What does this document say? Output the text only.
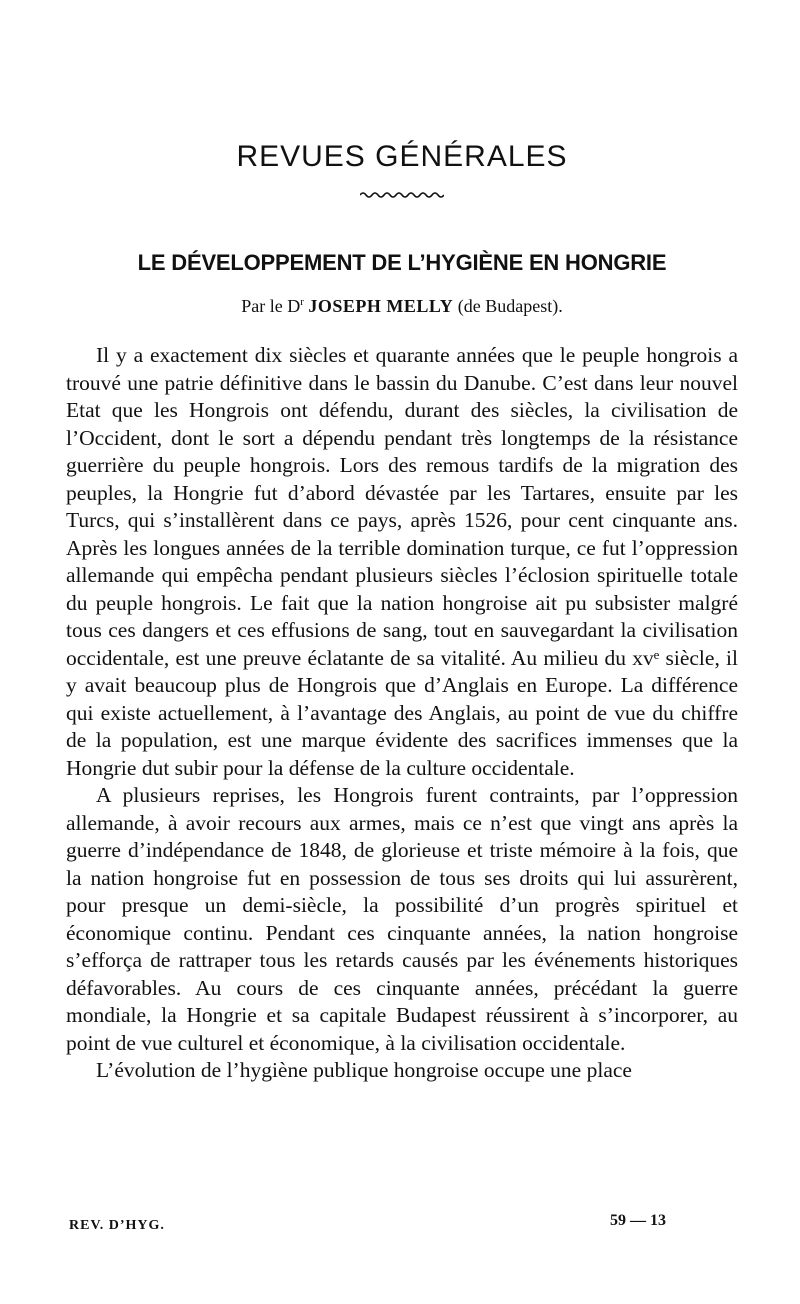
REVUES GÉNÉRALES
LE DÉVELOPPEMENT DE L’HYGIÈNE EN HONGRIE

Par le $D^r$ JOSEPH MELLY (de Budapest).

Il y a exactement dix siècles et quarante années que le peuple hongrois a trouvé une patrie définitive dans le bassin du Danube. C’est dans leur nouvel Etat que les Hongrois ont défendu, durant des siècles, la civilisation de l’Occident, dont le sort a dépendu pendant très longtemps de la résistance guerrière du peuple hongrois. Lors des remous tardifs de la migration des peuples, la Hongrie fut d’abord dévastée par les Tartares, ensuite par les Turcs, qui s’installèrent dans ce pays, après 1526, pour cent cinquante ans. Après les longues années de la terrible domination turque, ce fut l’oppression allemande qui empêcha pendant plusieurs siècles l’éclosion spirituelle totale du peuple hongrois. Le fait que la nation hongroise ait pu subsister malgré tous ces dangers et ces effusions de sang, tout en sauvegardant la civilisation occidentale, est une preuve éclatante de sa vitalité. Au milieu du xvᵉ siècle, il y avait beaucoup plus de Hongrois que d’Anglais en Europe. La différence qui existe actuellement, à l’avantage des Anglais, au point de vue du chiffre de la population, est une marque évidente des sacrifices immenses que la Hongrie dut subir pour la défense de la culture occidentale.

A plusieurs reprises, les Hongrois furent contraints, par l’oppression allemande, à avoir recours aux armes, mais ce n’est que vingt ans après la guerre d’indépendance de 1848, de glorieuse et triste mémoire à la fois, que la nation hongroise fut en possession de tous ses droits qui lui assurèrent, pour presque un demi-siècle, la possibilité d’un progrès spirituel et économique continu. Pendant ces cinquante années, la nation hongroise s’efforça de rattraper tous les retards causés par les événements historiques défavorables. Au cours de ces cinquante années, précédant la guerre mondiale, la Hongrie et sa capitale Budapest réussirent à s’incorporer, au point de vue culturel et économique, à la civilisation occidentale.

L’évolution de l’hygiène publique hongroise occupe une place

REV. D’HYG.	59 — 13
